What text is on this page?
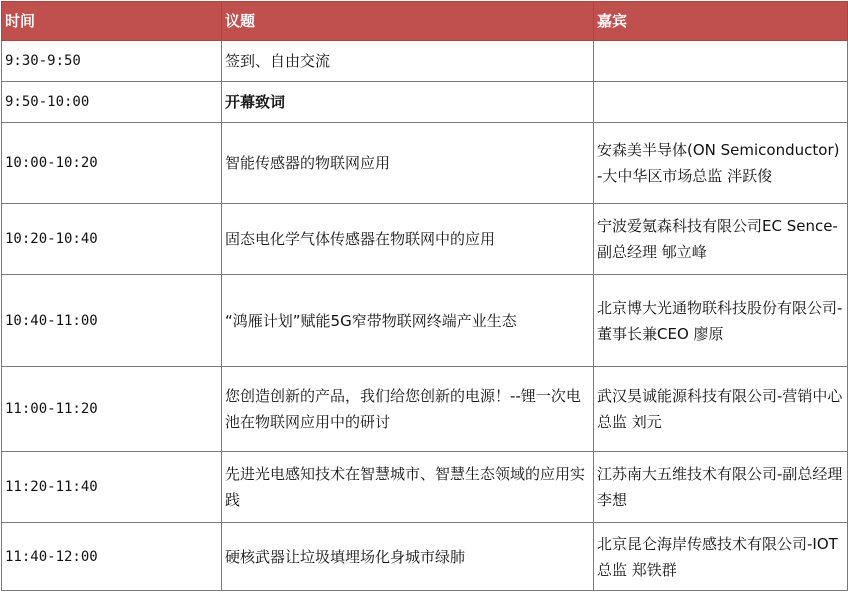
时间	议题	嘉宾
9:30-9:50	签到、自由交流	
9:50-10:00	开幕致词	
10:00-10:20	智能传感器的物联网应用	安森美半导体(ON Semiconductor)-大中华区市场总监 泮跃俊
10:20-10:40	固态电化学气体传感器在物联网中的应用	宁波爱氪森科技有限公司EC Sence-副总经理 郇立峰
10:40-11:00	“鸿雁计划”赋能5G窄带物联网终端产业生态	北京博大光通物联科技股份有限公司-董事长兼CEO 廖原
11:00-11:20	您创造创新的产品，我们给您创新的电源！--锂一次电池在物联网应用中的研讨	武汉昊诚能源科技有限公司-营销中心总监 刘元
11:20-11:40	先进光电感知技术在智慧城市、智慧生态领域的应用实践	江苏南大五维技术有限公司-副总经理 李想
11:40-12:00	硬核武器让垃圾填埋场化身城市绿肺	北京昆仑海岸传感技术有限公司-IOT总监 郑铁群
